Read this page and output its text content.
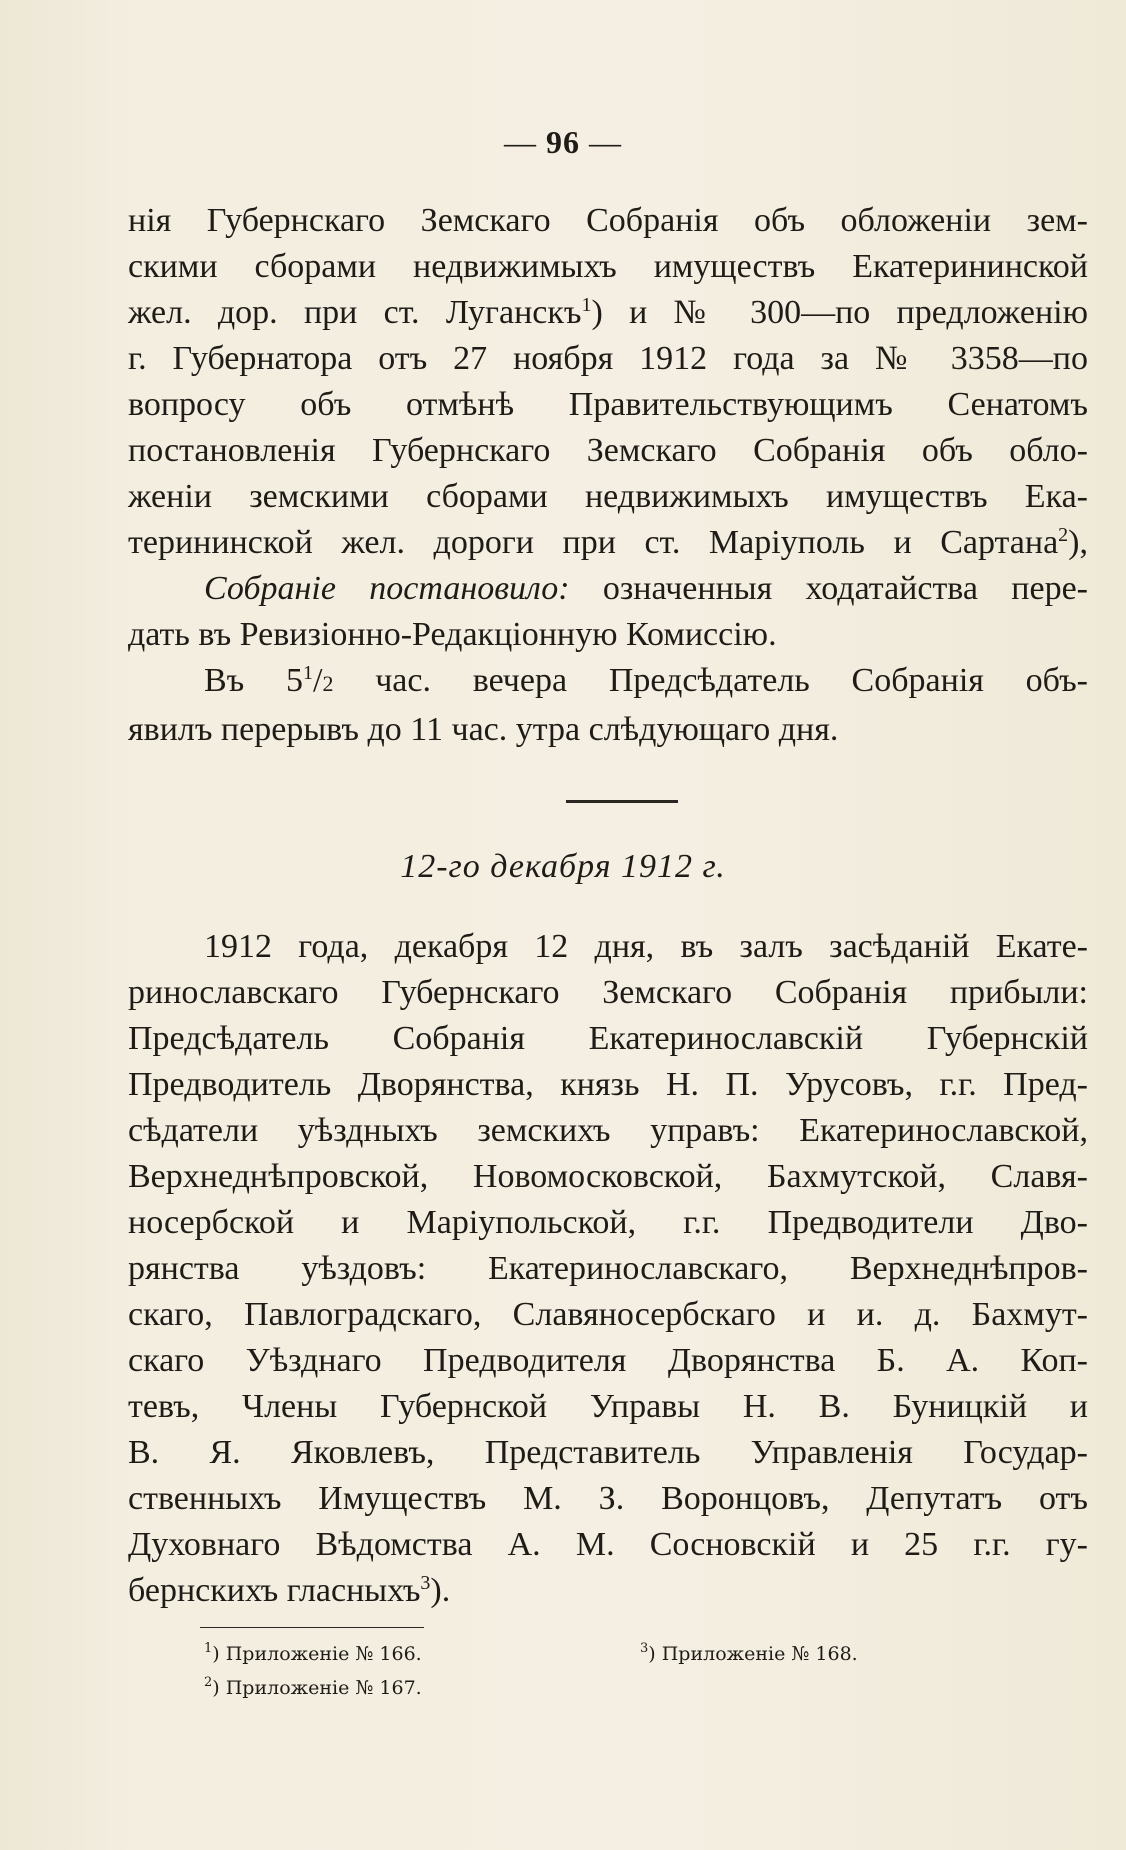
— 96 —
нія Губернскаго Земскаго Собранія объ обложеніи зем-
скими сборами недвижимыхъ имуществъ Екатерининской
жел. дор. при ст. Луганскъ$^1$) и № 300—по предложенію
г. Губернатора отъ 27 ноября 1912 года за № 3358—по
вопросу объ отмѣнѣ Правительствующимъ Сенатомъ
постановленія Губернскаго Земскаго Собранія объ обло-
женіи земскими сборами недвижимыхъ имуществъ Ека-
терининской жел. дороги при ст. Маріуполь и Сартана$^2$),
Собраніе постановило: означенныя ходатайства пере-
дать въ Ревизіонно-Редакціонную Комиссію.
Въ $5^1/2$ час. вечера Предсѣдатель Собранія объ-
явилъ перерывъ до 11 час. утра слѣдующаго дня.
12-го декабря 1912 г.
1912 года, декабря 12 дня, въ залъ засѣданій Екате-
ринославскаго Губернскаго Земскаго Собранія прибыли:
Предсѣдатель Собранія Екатеринославскій Губернскій
Предводитель Дворянства, князь Н. П. Урусовъ, г.г. Пред-
сѣдатели уѣздныхъ земскихъ управъ: Екатеринославской,
Верхнеднѣпровской, Новомосковской, Бахмутской, Славя-
носербской и Маріупольской, г.г. Предводители Дво-
рянства уѣздовъ: Екатеринославскаго, Верхнеднѣпров-
скаго, Павлоградскаго, Славяносербскаго и и. д. Бахмут-
скаго Уѣзднаго Предводителя Дворянства Б. А. Коп-
тевъ, Члены Губернской Управы Н. В. Буницкій и
В. Я. Яковлевъ, Представитель Управленія Государ-
ственныхъ Имуществъ М. З. Воронцовъ, Депутатъ отъ
Духовнаго Вѣдомства А. М. Сосновскій и 25 г.г. гу-
бернскихъ гласныхъ$^3$).
$^1$) Приложеніе № 166.
$^2$) Приложеніе № 167.
$^3$) Приложеніе № 168.
